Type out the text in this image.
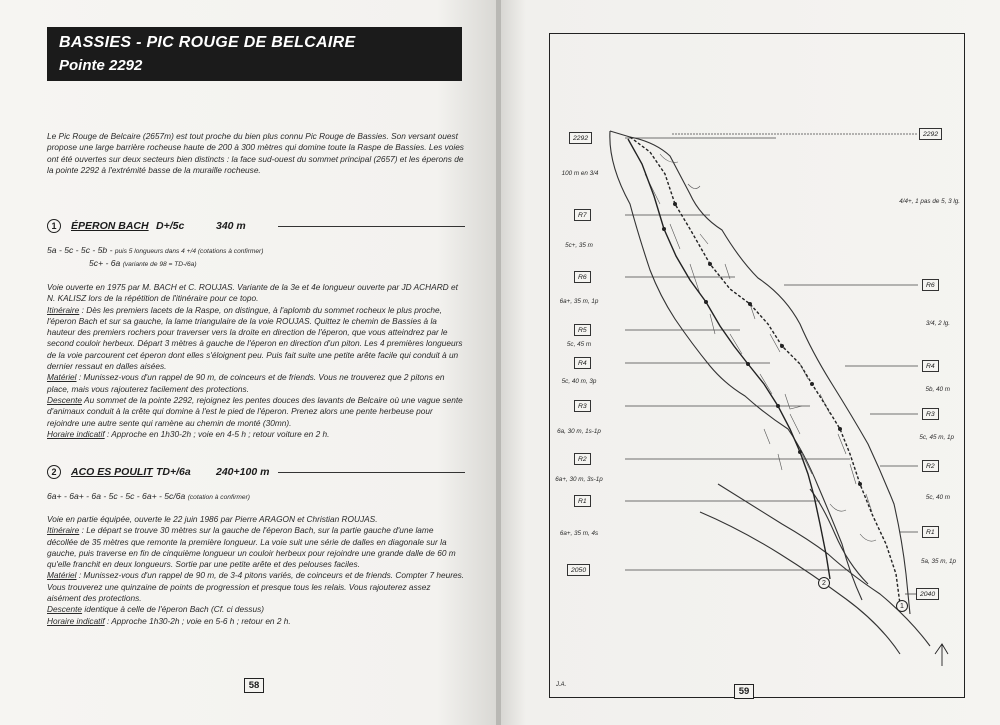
BASSIES - PIC ROUGE DE BELCAIRE
Pointe 2292
Le Pic Rouge de Belcaire (2657m) est tout proche du bien plus connu Pic Rouge de Bassies. Son versant ouest propose une large barrière rocheuse haute de 200 à 300 mètres qui domine toute la Raspe de Bassies. Les voies ont été ouvertes sur deux secteurs bien distincts : la face sud-ouest du sommet principal (2657) et les éperons de la pointe 2292 à l'extrémité basse de la muraille rocheuse.
1	ÉPERON BACH D+/5c	340 m
5a - 5c - 5c - 5b - puis 5 longueurs dans 4 +/4 (cotations à confirmer)
5c+ - 6a (variante de 98 = TD-/6a)

Voie ouverte en 1975 par M. BACH et C. ROUJAS. Variante de la 3e et 4e longueur ouverte par JD ACHARD et N. KALISZ lors de la répétition de l'itinéraire pour ce topo.

Itinéraire : Dès les premiers lacets de la Raspe, on distingue, à l'aplomb du sommet rocheux le plus proche, l'éperon Bach et sur sa gauche, la lame triangulaire de la voie ROUJAS. Quittez le chemin de Bassies à la hauteur des premiers rochers pour traverser vers la droite en direction de l'éperon, que vous atteindrez par le second couloir herbeux. Départ 3 mètres à gauche de l'éperon en direction d'un piton. Les 4 premières longueurs de la voie parcourent cet éperon dont elles s'éloignent peu. Puis fait suite une petite arête facile qui conduit à un dernier ressaut en dalles aisées.

Matériel : Munissez-vous d'un rappel de 90 m, de coinceurs et de friends. Vous ne trouverez que 2 pitons en place, mais vous rajouterez facilement des protections.

Descente Au sommet de la pointe 2292, rejoignez les pentes douces des lavants de Belcaire où une vague sente d'animaux conduit à la crête qui domine à l'est le pied de l'éperon. Prenez alors une pente herbeuse pour rejoindre une autre sente qui ramène au chemin de monté (30mn).

Horaire indicatif : Approche en 1h30-2h ; voie en 4-5 h ; retour voiture en 2 h.

2	ACO ES POULIT TD+/6a	240+100 m
6a+ - 6a+ - 6a - 5c - 5c - 6a+ - 5c/6a (cotation à confirmer)

Voie en partie équipée, ouverte le 22 juin 1986 par Pierre ARAGON et Christian ROUJAS.

Itinéraire : Le départ se trouve 30 mètres sur la gauche de l'éperon Bach, sur la partie gauche d'une lame décollée de 35 mètres que remonte la première longueur. La voie suit une série de dalles en diagonale sur la gauche, puis traverse en fin de cinquième longueur un couloir herbeux pour rejoindre une grande dalle de 60 m qu'elle franchit en deux longueurs. Sortie par une petite arête et des pelouses faciles.

Matériel : Munissez-vous d'un rappel de 90 m, de 3-4 pitons variés, de coinceurs et de friends. Compter 7 heures. Vous trouverez une quinzaine de points de progression et presque tous les relais. Vous rajouterez assez aisément des protections.

Descente identique à celle de l'éperon Bach (Cf. ci dessus)

Horaire indicatif : Approche 1h30-2h ; voie en 5-6 h ; retour en 2 h.

58
2292
R7
R6
R5
R4
R3
R2
R1
2050
100 m en 3/4
5c+, 35 m
6a+, 35 m, 1p
5c, 45 m
5c, 40 m, 3p
6a, 30 m, 1s-1p
6a+, 30 m, 3s-1p
6a+, 35 m, 4s
2292
R6
R4
R3
R2
R1
2040
4/4+, 1 pas de 5, 3 lg.
3/4, 2 lg.
5b, 40 m
5c, 45 m, 1p
5c, 40 m
5a, 35 m, 1p
2
1
J.A.
59
